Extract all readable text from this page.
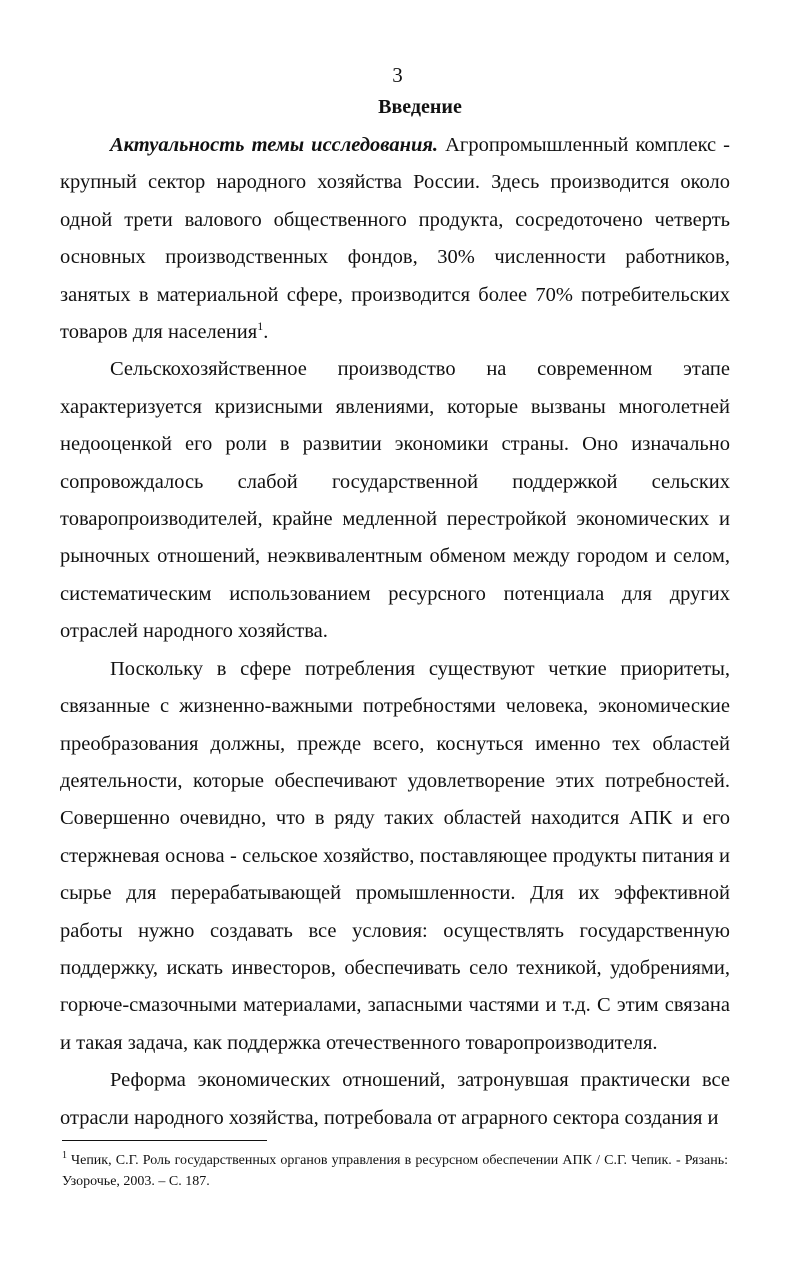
3
Введение

Актуальность темы исследования. Агропромышленный комплекс - крупный сектор народного хозяйства России. Здесь производится около одной трети валового общественного продукта, сосредоточено четверть основных производственных фондов, 30% численности работников, занятых в материальной сфере, производится более 70% потребительских товаров для населения$^1$.

Сельскохозяйственное производство на современном этапе характеризуется кризисными явлениями, которые вызваны многолетней недооценкой его роли в развитии экономики страны. Оно изначально сопровождалось слабой государственной поддержкой сельских товаропроизводителей, крайне медленной перестройкой экономических и рыночных отношений, неэквивалентным обменом между городом и селом, систематическим использованием ресурсного потенциала для других отраслей народного хозяйства.

Поскольку в сфере потребления существуют четкие приоритеты, связанные с жизненно-важными потребностями человека, экономические преобразования должны, прежде всего, коснуться именно тех областей деятельности, которые обеспечивают удовлетворение этих потребностей. Совершенно очевидно, что в ряду таких областей находится АПК и его стержневая основа - сельское хозяйство, поставляющее продукты питания и сырье для перерабатывающей промышленности. Для их эффективной работы нужно создавать все условия: осуществлять государственную поддержку, искать инвесторов, обеспечивать село техникой, удобрениями, горюче-смазочными материалами, запасными частями и т.д. С этим связана и такая задача, как поддержка отечественного товаропроизводителя.

Реформа экономических отношений, затронувшая практически все отрасли народного хозяйства, потребовала от аграрного сектора создания и

$^1$ Чепик, С.Г. Роль государственных органов управления в ресурсном обеспечении АПК / С.Г. Чепик. - Рязань: Узорочье, 2003. – С. 187.
